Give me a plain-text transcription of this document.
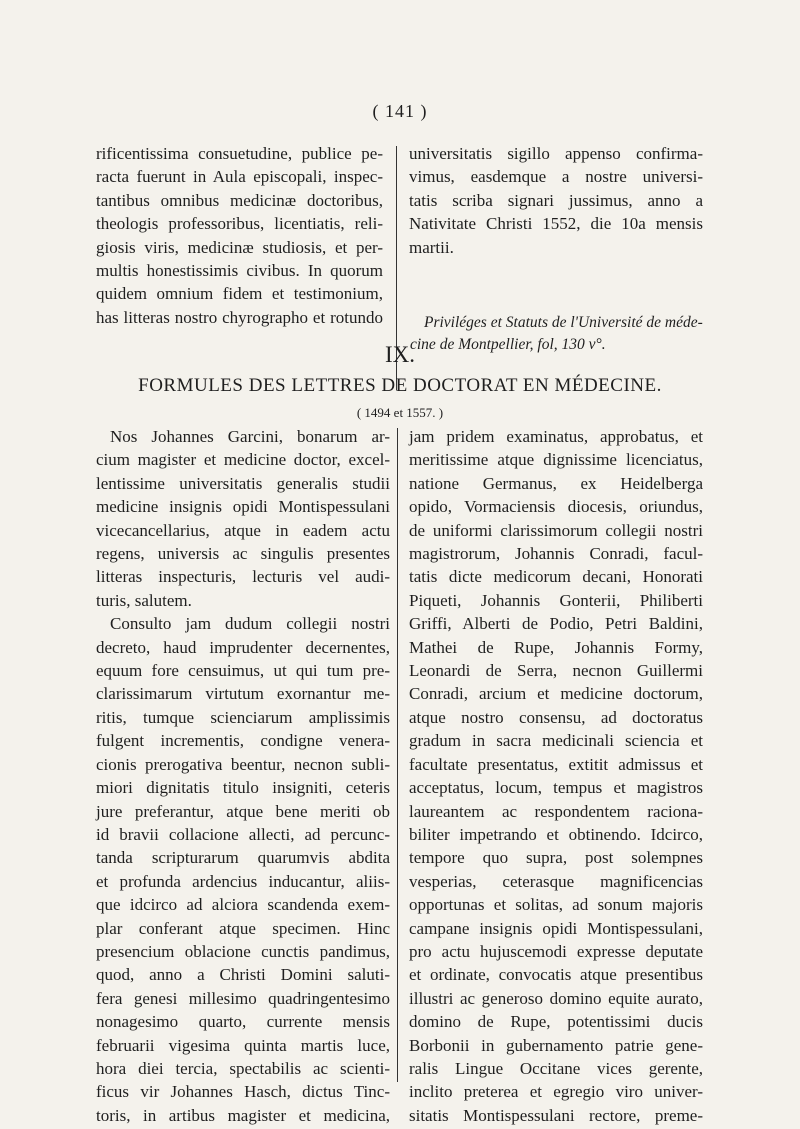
( 141 )
rificentissima consuetudine, publice pe-
racta fuerunt in Aula episcopali, inspec-
tantibus omnibus medicinæ doctoribus,
theologis professoribus, licentiatis, reli-
giosis viris, medicinæ studiosis, et per-
multis honestissimis civibus. In quorum
quidem omnium fidem et testimonium,
has litteras nostro chyrographo et rotundo
universitatis sigillo appenso confirma-
vimus, easdemque a nostre universi-
tatis scriba signari jussimus, anno a
Nativitate Christi 1552, die 10a mensis
martii.
Priviléges et Statuts de l'Université de méde-
cine de Montpellier, fol, 130 v°.
IX.
FORMULES DES LETTRES DE DOCTORAT EN MÉDECINE.
( 1494 et 1557. )
Nos Johannes Garcini, bonarum ar-
cium magister et medicine doctor, excel-
lentissime universitatis generalis studii
medicine insignis opidi Montispessulani
vicecancellarius, atque in eadem actu
regens, universis ac singulis presentes
litteras inspecturis, lecturis vel audi-
turis, salutem.
Consulto jam dudum collegii nostri
decreto, haud imprudenter decernentes,
equum fore censuimus, ut qui tum pre-
clarissimarum virtutum exornantur me-
ritis, tumque scienciarum amplissimis
fulgent incrementis, condigne venera-
cionis prerogativa beentur, necnon subli-
miori dignitatis titulo insigniti, ceteris
jure preferantur, atque bene meriti ob
id bravii collacione allecti, ad percunc-
tanda scripturarum quarumvis abdita
et profunda ardencius inducantur, aliis-
que idcirco ad alciora scandenda exem-
plar conferant atque specimen. Hinc
presencium oblacione cunctis pandimus,
quod, anno a Christi Domini saluti-
fera genesi millesimo quadringentesimo
nonagesimo quarto, currente mensis
februarii vigesima quinta martis luce,
hora diei tercia, spectabilis ac scienti-
ficus vir Johannes Hasch, dictus Tinc-
toris, in artibus magister et medicina,
jam pridem examinatus, approbatus, et
meritissime atque dignissime licenciatus,
natione Germanus, ex Heidelberga
opido, Vormaciensis diocesis, oriundus,
de uniformi clarissimorum collegii nostri
magistrorum, Johannis Conradi, facul-
tatis dicte medicorum decani, Honorati
Piqueti, Johannis Gonterii, Philiberti
Griffi, Alberti de Podio, Petri Baldini,
Mathei de Rupe, Johannis Formy,
Leonardi de Serra, necnon Guillermi
Conradi, arcium et medicine doctorum,
atque nostro consensu, ad doctoratus
gradum in sacra medicinali sciencia et
facultate presentatus, extitit admissus et
acceptatus, locum, tempus et magistros
laureantem ac respondentem raciona-
biliter impetrando et obtinendo. Idcirco,
tempore quo supra, post solempnes
vesperias, ceterasque magnificencias
opportunas et solitas, ad sonum majoris
campane insignis opidi Montispessulani,
pro actu hujuscemodi expresse deputate
et ordinate, convocatis atque presentibus
illustri ac generoso domino equite aurato,
domino de Rupe, potentissimi ducis
Borbonii in gubernamento patrie gene-
ralis Lingue Occitane vices gerente,
inclito preterea et egregio viro univer-
sitatis Montispessulani rectore, preme-
